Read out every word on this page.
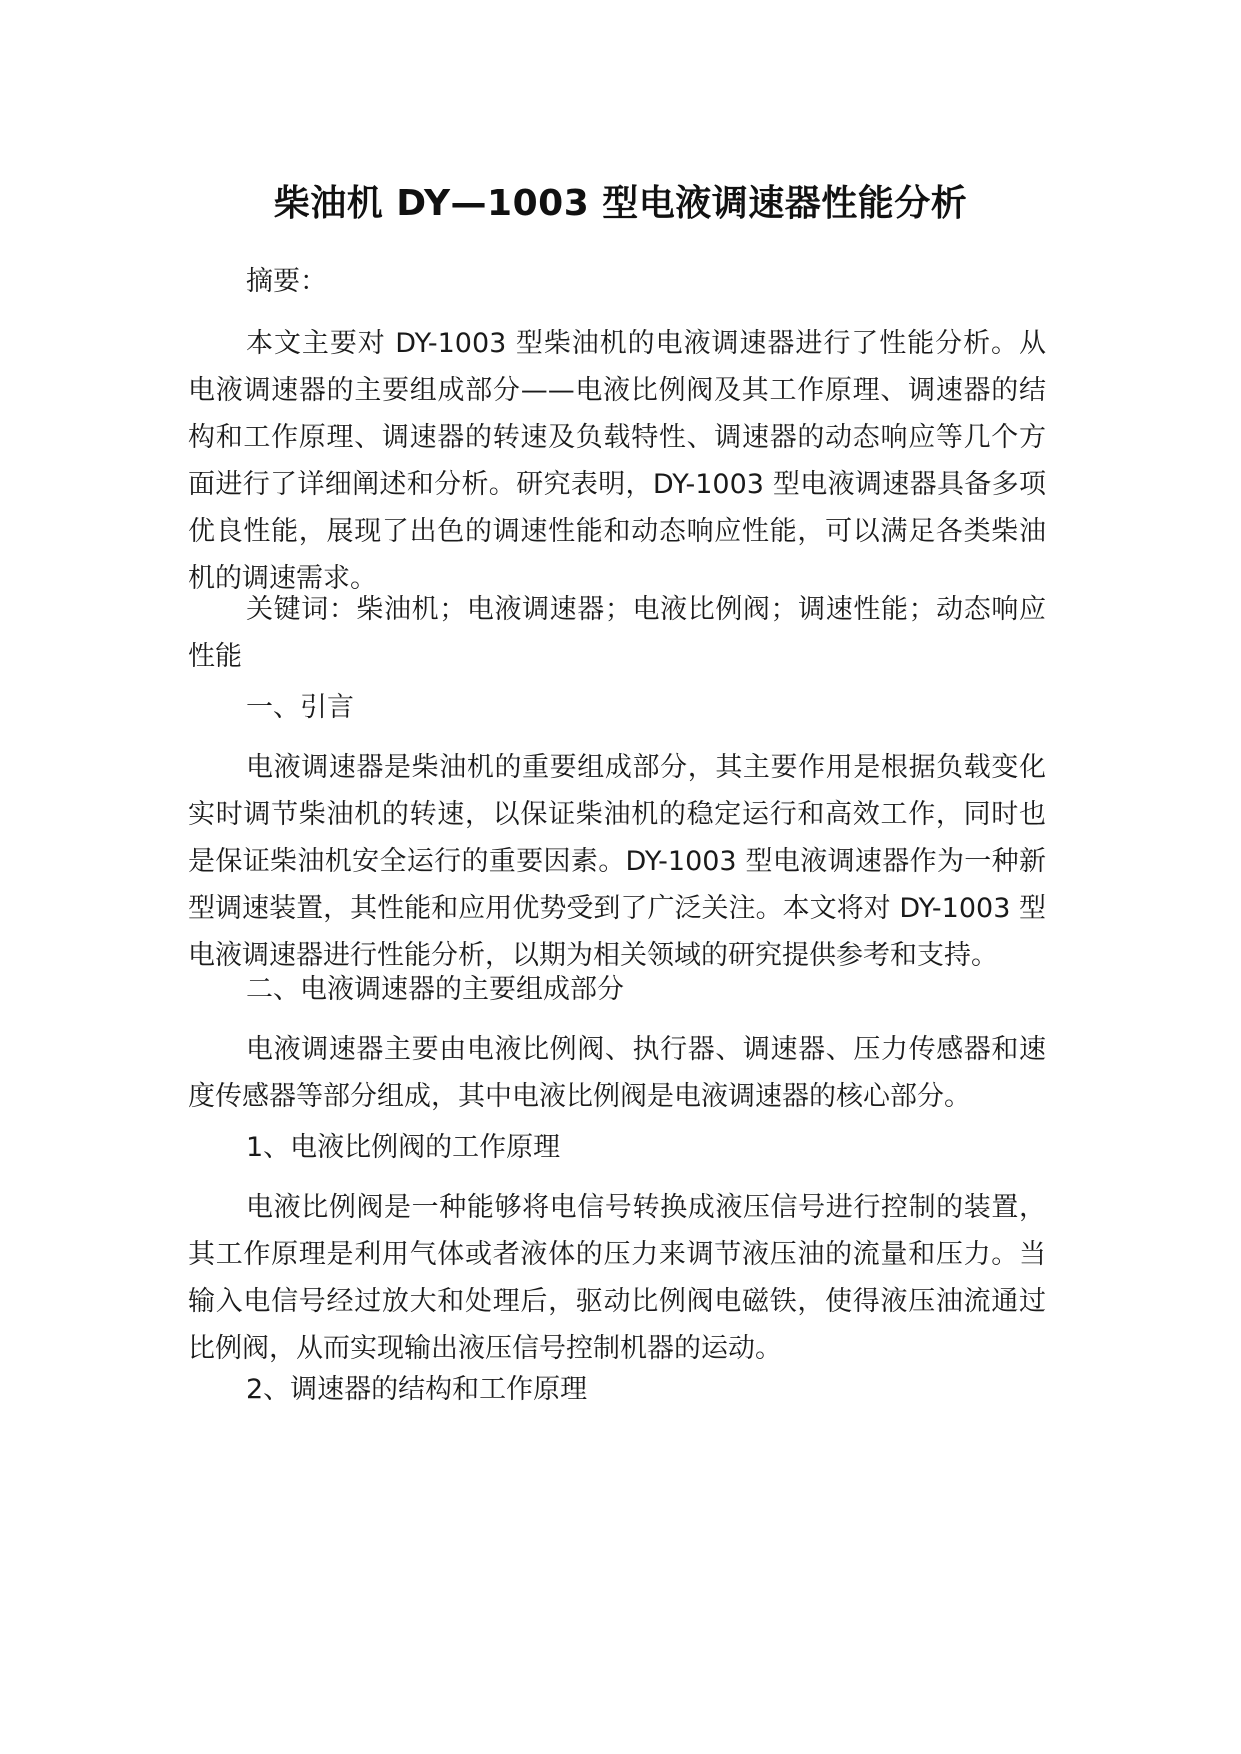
柴油机 DY—1003 型电液调速器性能分析

摘要：

本文主要对 DY-1003 型柴油机的电液调速器进行了性能分析。从电液调速器的主要组成部分——电液比例阀及其工作原理、调速器的结构和工作原理、调速器的转速及负载特性、调速器的动态响应等几个方面进行了详细阐述和分析。研究表明，DY-1003 型电液调速器具备多项优良性能，展现了出色的调速性能和动态响应性能，可以满足各类柴油机的调速需求。

关键词：柴油机；电液调速器；电液比例阀；调速性能；动态响应性能

一、引言

电液调速器是柴油机的重要组成部分，其主要作用是根据负载变化实时调节柴油机的转速，以保证柴油机的稳定运行和高效工作，同时也是保证柴油机安全运行的重要因素。DY-1003 型电液调速器作为一种新型调速装置，其性能和应用优势受到了广泛关注。本文将对 DY-1003 型电液调速器进行性能分析，以期为相关领域的研究提供参考和支持。

二、电液调速器的主要组成部分

电液调速器主要由电液比例阀、执行器、调速器、压力传感器和速度传感器等部分组成，其中电液比例阀是电液调速器的核心部分。

1、电液比例阀的工作原理

电液比例阀是一种能够将电信号转换成液压信号进行控制的装置，其工作原理是利用气体或者液体的压力来调节液压油的流量和压力。当输入电信号经过放大和处理后，驱动比例阀电磁铁，使得液压油流通过比例阀，从而实现输出液压信号控制机器的运动。

2、调速器的结构和工作原理
